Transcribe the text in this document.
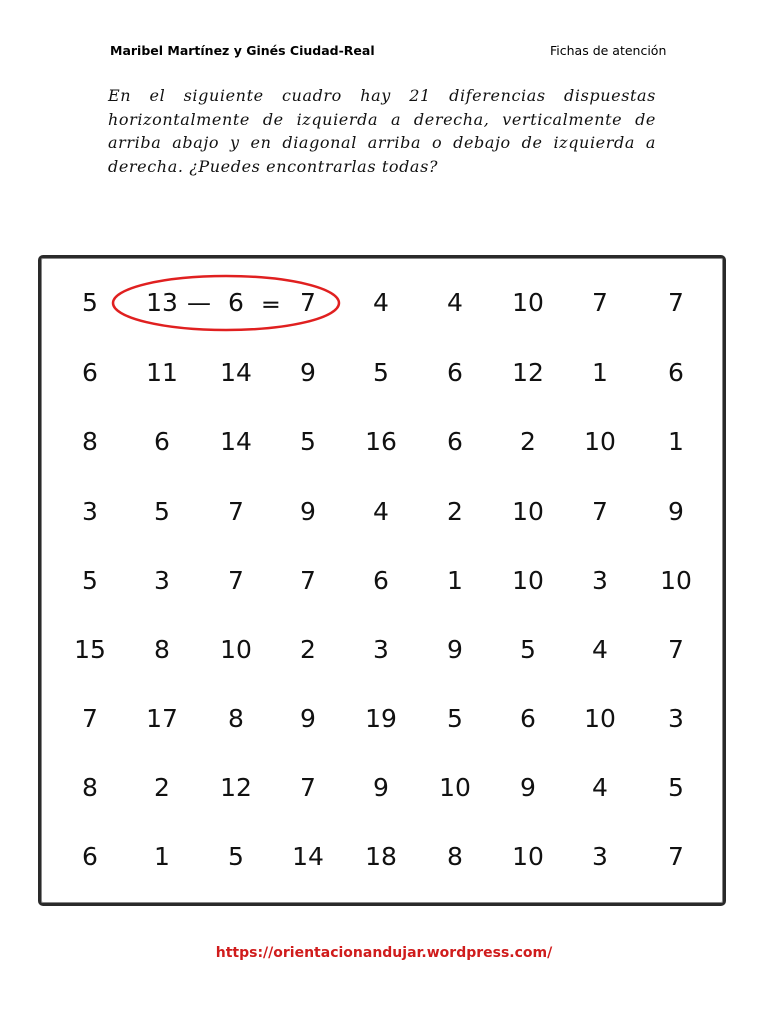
Maribel Martínez y Ginés Ciudad-Real	Fichas de atención
En el siguiente cuadro hay 21 diferencias dispuestas
horizontalmente de izquierda a derecha, verticalmente de
arriba abajo y en diagonal arriba o debajo de izquierda a
derecha. ¿Puedes encontrarlas todas?
5	13	6	7	4	4	10	7	7
6	11	14	9	5	6	12	1	6
8	6	14	5	16	6	2	10	1
3	5	7	9	4	2	10	7	9
5	3	7	7	6	1	10	3	10
15	8	10	2	3	9	5	4	7
7	17	8	9	19	5	6	10	3
8	2	12	7	9	10	9	4	5
6	1	5	14	18	8	10	3	7
— ═
https://orientacionandujar.wordpress.com/
